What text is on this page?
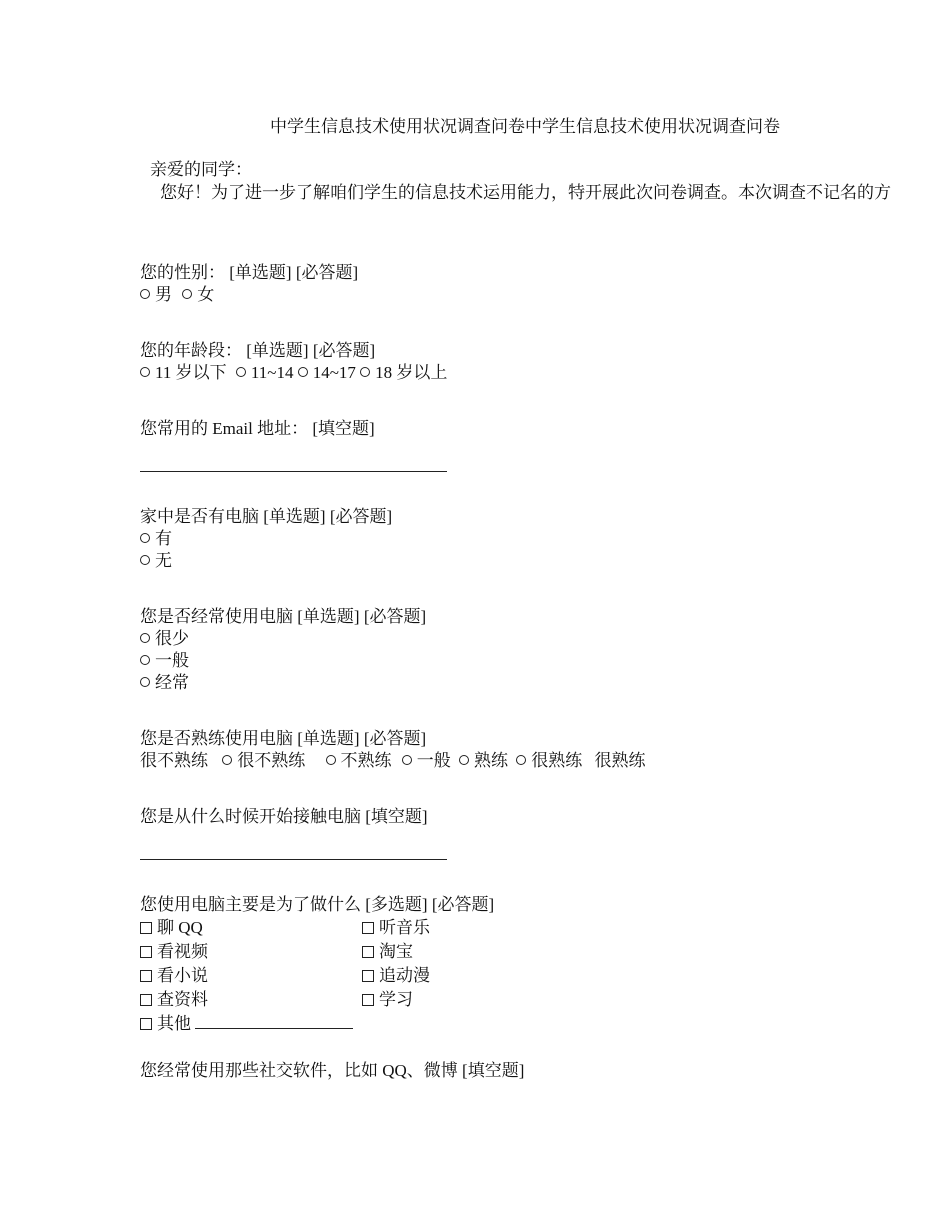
中学生信息技术使用状况调查问卷中学生信息技术使用状况调查问卷
亲爱的同学：
您好！为了进一步了解咱们学生的信息技术运用能力，特开展此次问卷调查。本次调查不记名的方
您的性别： [单选题] [必答题]
男 女
您的年龄段： [单选题] [必答题]
11 岁以下 11~14 14~17 18 岁以上
您常用的 Email 地址： [填空题]
家中是否有电脑 [单选题] [必答题]
有
无
您是否经常使用电脑 [单选题] [必答题]
很少
一般
经常
您是否熟练使用电脑 [单选题] [必答题]
很不熟练 很不熟练 不熟练 一般 熟练 很熟练 很熟练
您是从什么时候开始接触电脑 [填空题]
您使用电脑主要是为了做什么 [多选题] [必答题]
聊 QQ	听音乐
看视频	淘宝
看小说	追动漫
查资料	学习
其他
您经常使用那些社交软件，比如 QQ、微博 [填空题]
